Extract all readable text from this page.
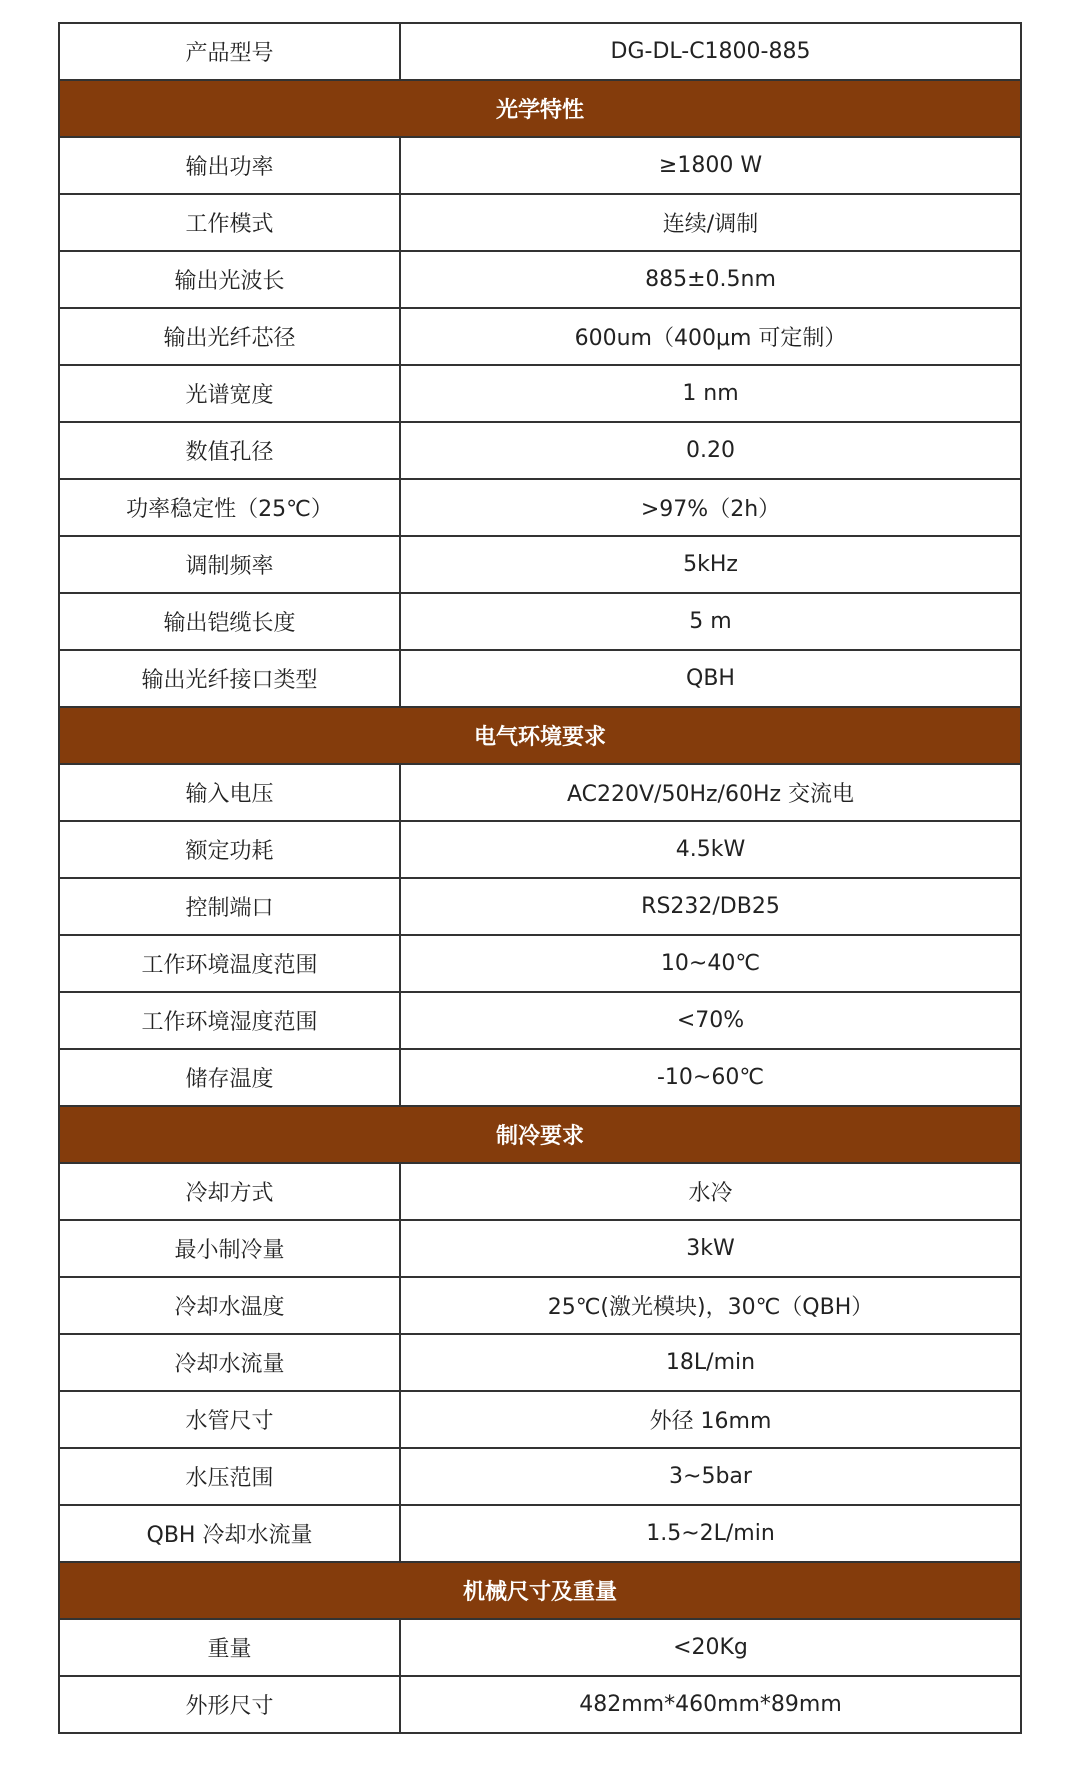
产品型号	DG-DL-C1800-885
光学特性	
输出功率	≥1800 W
工作模式	连续/调制
输出光波长	885±0.5nm
输出光纤芯径	600um（400μm 可定制）
光谱宽度	1 nm
数值孔径	0.20
功率稳定性（25℃）	>97%（2h）
调制频率	5kHz
输出铠缆长度	5 m
输出光纤接口类型	QBH
电气环境要求	
输入电压	AC220V/50Hz/60Hz 交流电
额定功耗	4.5kW
控制端口	RS232/DB25
工作环境温度范围	10~40℃
工作环境湿度范围	<70%
储存温度	-10~60℃
制冷要求	
冷却方式	水冷
最小制冷量	3kW
冷却水温度	25℃(激光模块)，30℃（QBH）
冷却水流量	18L/min
水管尺寸	外径 16mm
水压范围	3~5bar
QBH 冷却水流量	1.5~2L/min
机械尺寸及重量	
重量	<20Kg
外形尺寸	482mm*460mm*89mm
